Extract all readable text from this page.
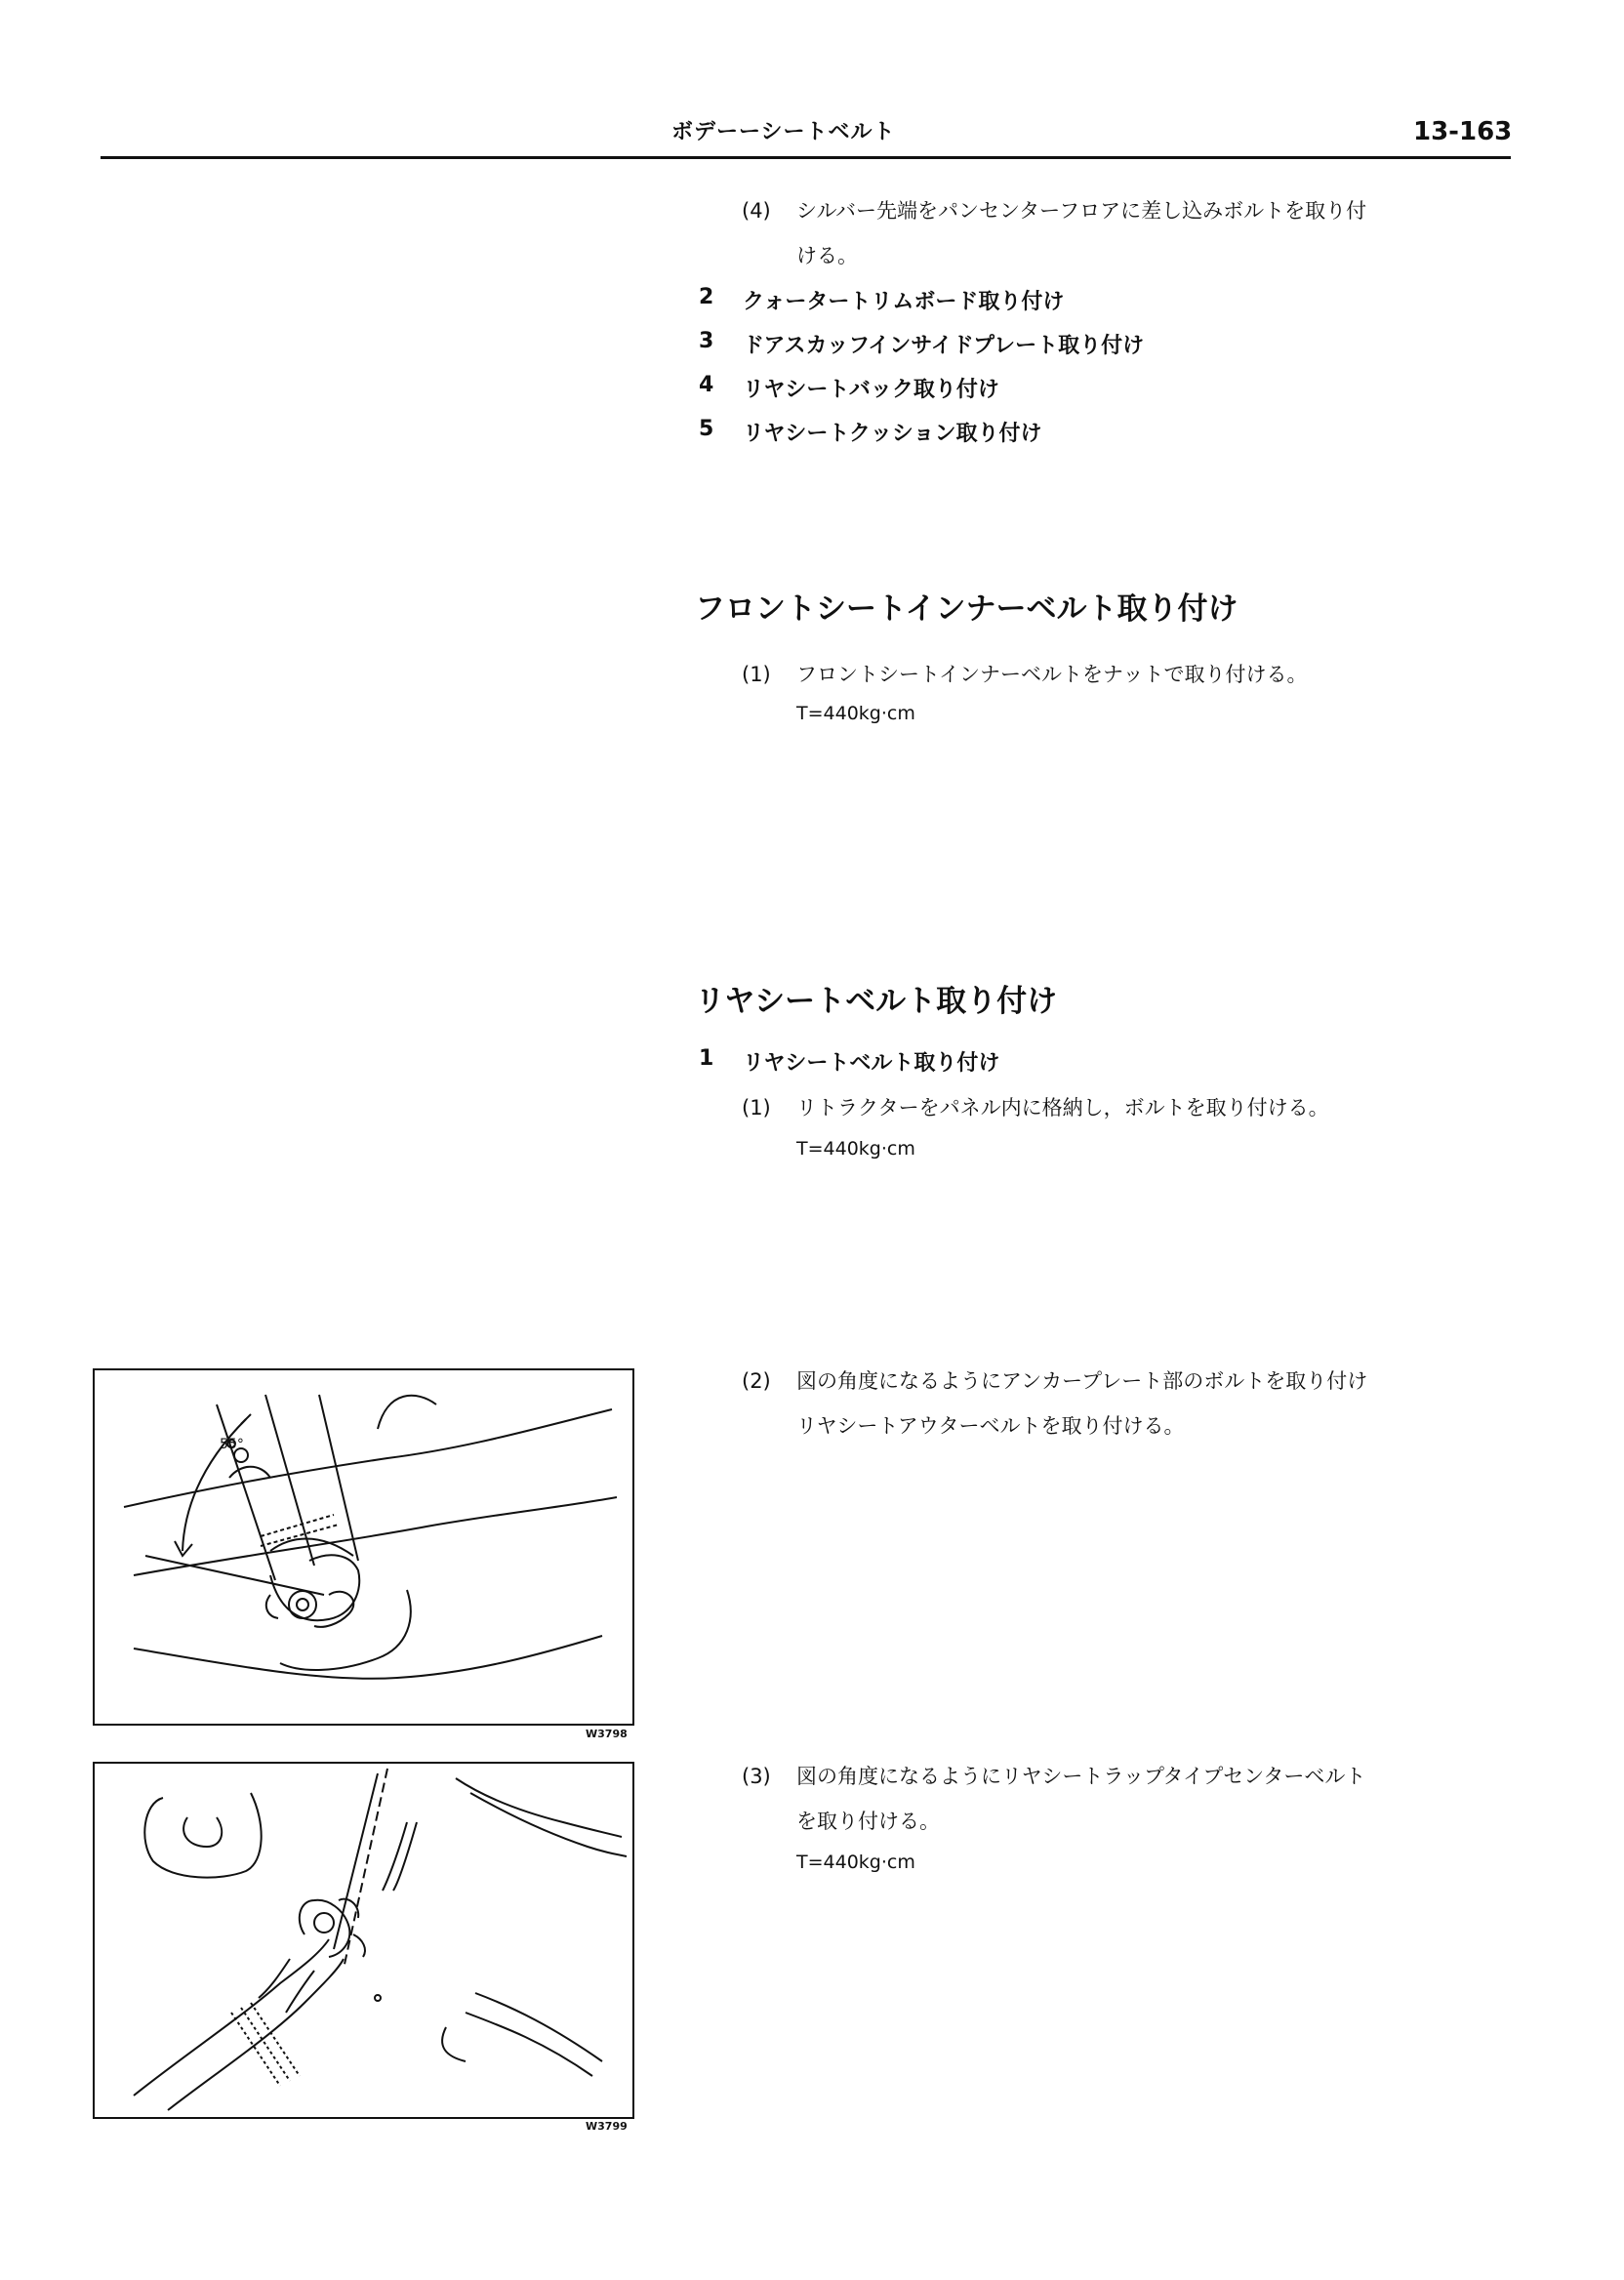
ボデーーシートベルト	13-163
(4) シルバー先端をパンセンターフロアに差し込みボルトを取り付
ける。
2 クォータートリムボード取り付け
3 ドアスカッフインサイドプレート取り付け
4 リヤシートバック取り付け
5 リヤシートクッション取り付け
フロントシートインナーベルト取り付け
(1) フロントシートインナーベルトをナットで取り付ける。
T=440kg·cm
リヤシートベルト取り付け
1 リヤシートベルト取り付け
(1) リトラクターをパネル内に格納し，ボルトを取り付ける。
T=440kg·cm
(2) 図の角度になるようにアンカープレート部のボルトを取り付け
リヤシートアウターベルトを取り付ける。
(3) 図の角度になるようにリヤシートラップタイプセンターベルト
を取り付ける。
T=440kg·cm
55°
W3798
W3799
